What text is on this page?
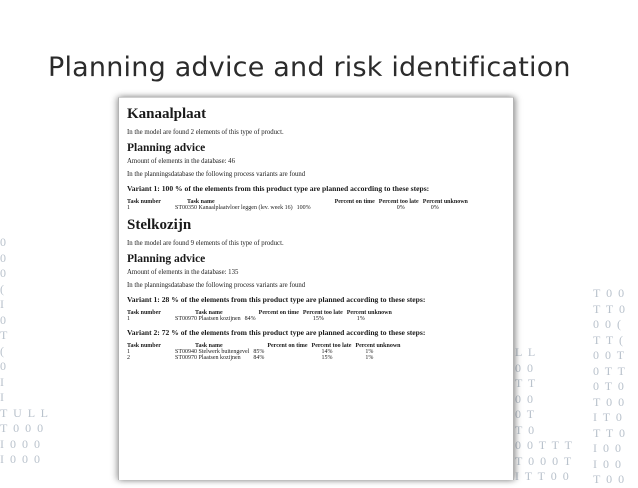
Planning advice and risk identification
0
0
0
(
I
0
T
(
0
I
I
T  U  L  L
T  0  0  0
I  0  0  0
I  0  0  0
L  L
0  0
T  T
0  0
0  T
T  0
0  0  T  T  T
T  0  0  0  T
I  T  T  0  0
T  0  0
T  T  0
0  0  (
T  T  (
0  0  T
0  T  T
0  T  0
T  0  0
I  T  0
T  T  0
I  0  0
I  0  0
T  0  0
Kanaalplaat
In the model are found 2 elements of this type of product.
Planning advice
Amount of elements in the database: 46
In the planningsdatabase the following process variants are found
Variant 1: 100 % of the elements from this product type are planned according to these steps:
Task number	Task name	Percent on time	Percent too late	Percent unknown
1	ST00350 Kanaalplaatvloer leggen (lev. week 16)	100%	0%	0%
Stelkozijn
In the model are found 9 elements of this type of product.
Planning advice
Amount of elements in the database: 135
In the planningsdatabase the following process variants are found
Variant 1: 28 % of the elements from this product type are planned according to these steps:
Task number	Task name	Percent on time	Percent too late	Percent unknown
1	ST00970 Plaatsen kozijnen	84%	15%	1%
Variant 2: 72 % of the elements from this product type are planned according to these steps:
Task number	Task name	Percent on time	Percent too late	Percent unknown
1	ST00940 Stelwerk buitengevel	85%	14%	1%
2	ST00970 Plaatsen kozijnen	84%	15%	1%
